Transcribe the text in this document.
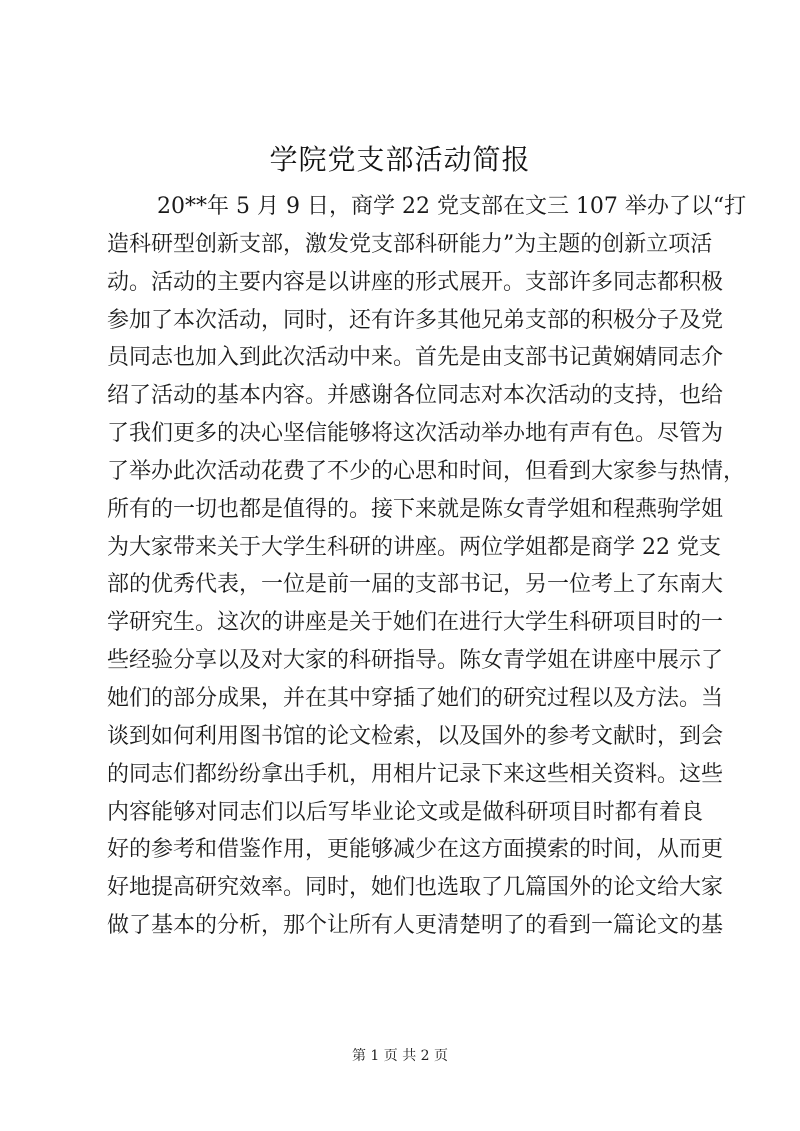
学院党支部活动简报
20**年 5 月 9 日，商学 22 党支部在文三 107 举办了以“打
造科研型创新支部，激发党支部科研能力”为主题的创新立项活
动。活动的主要内容是以讲座的形式展开。支部许多同志都积极
参加了本次活动，同时，还有许多其他兄弟支部的积极分子及党
员同志也加入到此次活动中来。首先是由支部书记黄娴婧同志介
绍了活动的基本内容。并感谢各位同志对本次活动的支持，也给
了我们更多的决心坚信能够将这次活动举办地有声有色。尽管为
了举办此次活动花费了不少的心思和时间，但看到大家参与热情，
所有的一切也都是值得的。接下来就是陈女青学姐和程燕驹学姐
为大家带来关于大学生科研的讲座。两位学姐都是商学 22 党支
部的优秀代表，一位是前一届的支部书记，另一位考上了东南大
学研究生。这次的讲座是关于她们在进行大学生科研项目时的一
些经验分享以及对大家的科研指导。陈女青学姐在讲座中展示了
她们的部分成果，并在其中穿插了她们的研究过程以及方法。当
谈到如何利用图书馆的论文检索，以及国外的参考文献时，到会
的同志们都纷纷拿出手机，用相片记录下来这些相关资料。这些
内容能够对同志们以后写毕业论文或是做科研项目时都有着良
好的参考和借鉴作用，更能够减少在这方面摸索的时间，从而更
好地提高研究效率。同时，她们也选取了几篇国外的论文给大家
做了基本的分析，那个让所有人更清楚明了的看到一篇论文的基
第 1 页 共 2 页
